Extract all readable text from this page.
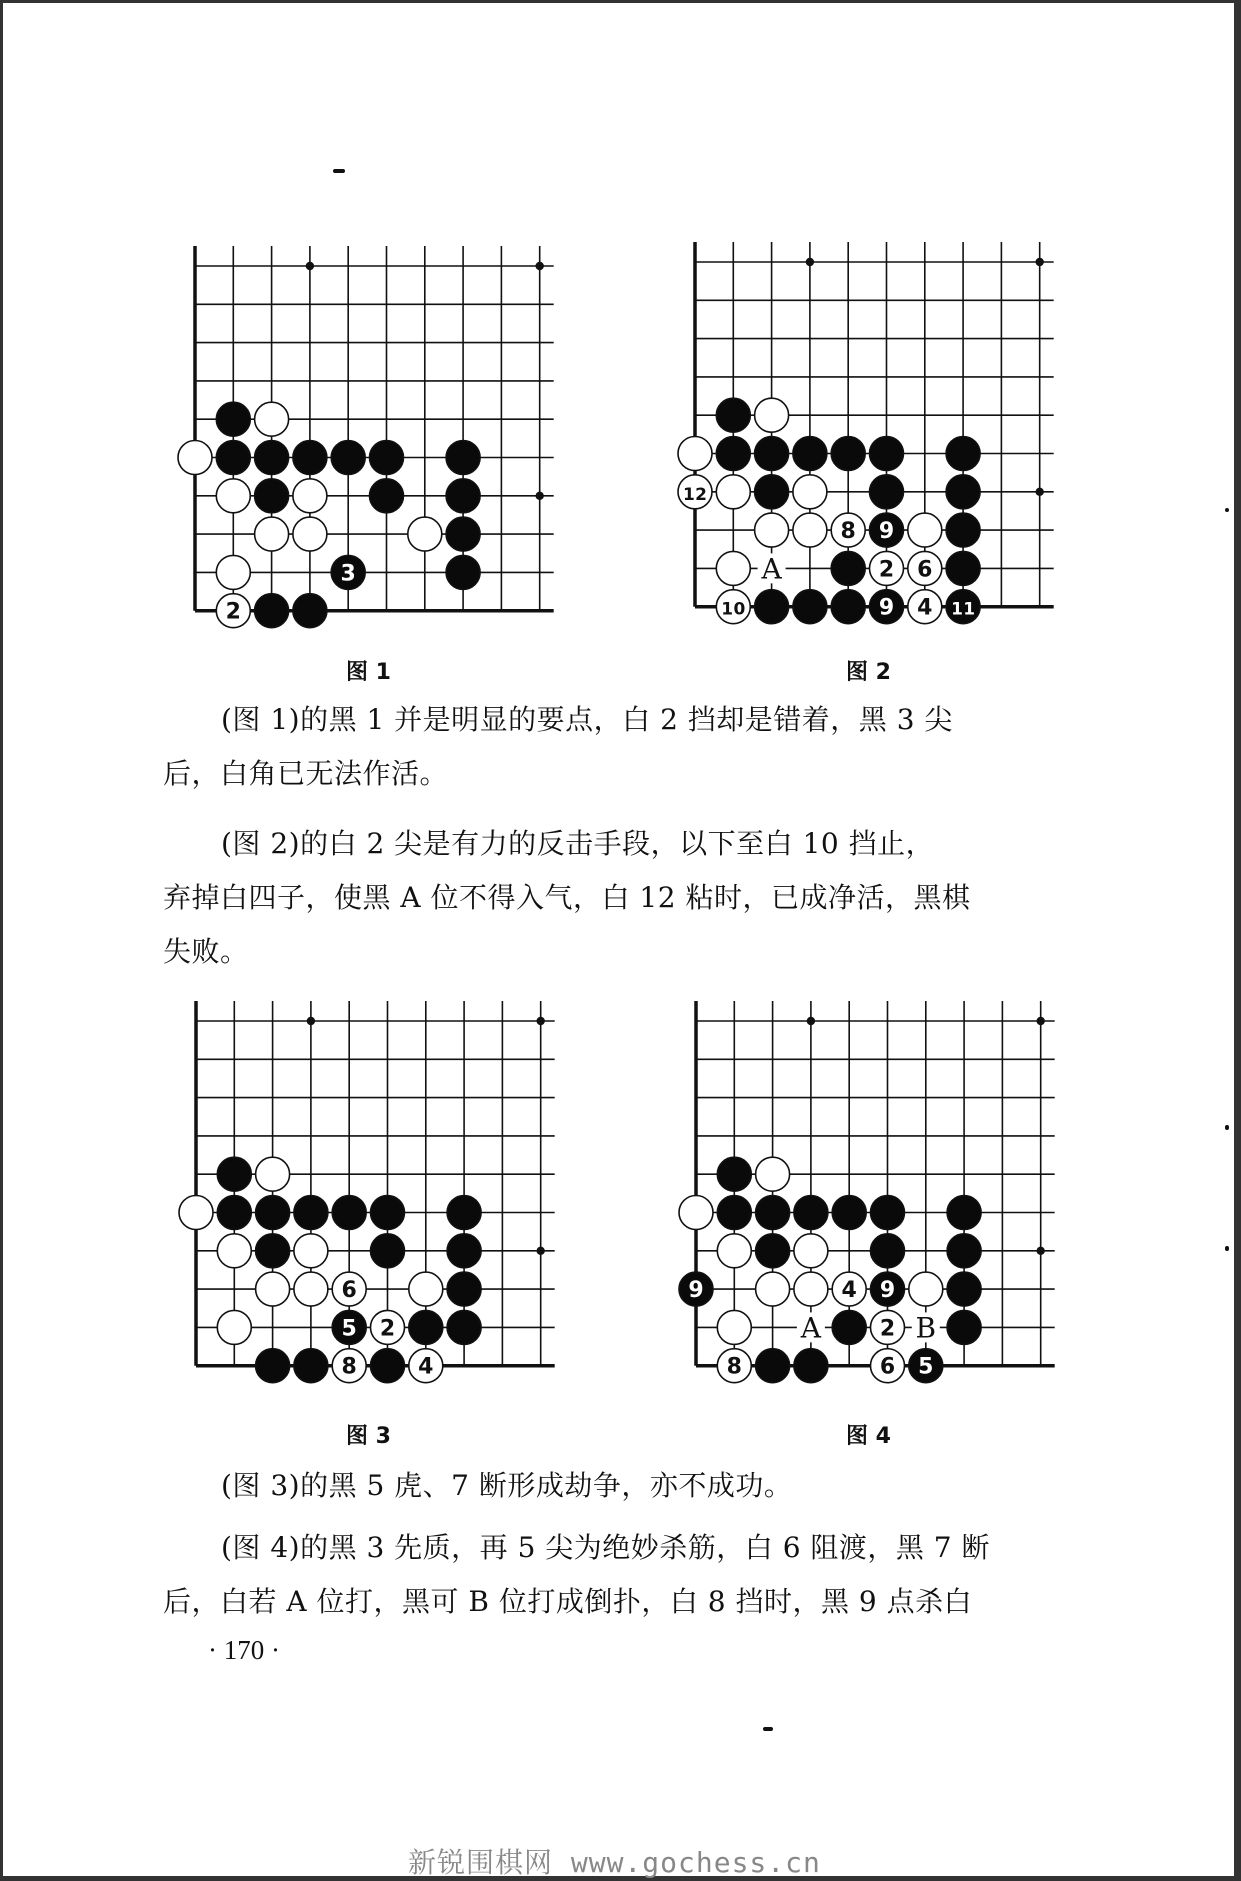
3
2
图 1
12
8 9
2 6
10	9 4 11
A
图 2
(图 1)的黑 1 并是明显的要点，白 2 挡却是错着，黑 3 尖
后，白角已无法作活。
(图 2)的白 2 尖是有力的反击手段，以下至白 10 挡止，
弃掉白四子，使黑 A 位不得入气，白 12 粘时，已成净活，黑棋
失败。
6
5 2
8	4
图 3
9	4 9
2
8	6 5
A	B
图 4
(图 3)的黑 5 虎、7 断形成劫争，亦不成功。
(图 4)的黑 3 先质，再 5 尖为绝妙杀筋，白 6 阻渡，黑 7 断
后，白若 A 位打，黑可 B 位打成倒扑，白 8 挡时，黑 9 点杀白
· 170 ·
新锐围棋网 www.gochess.cn
